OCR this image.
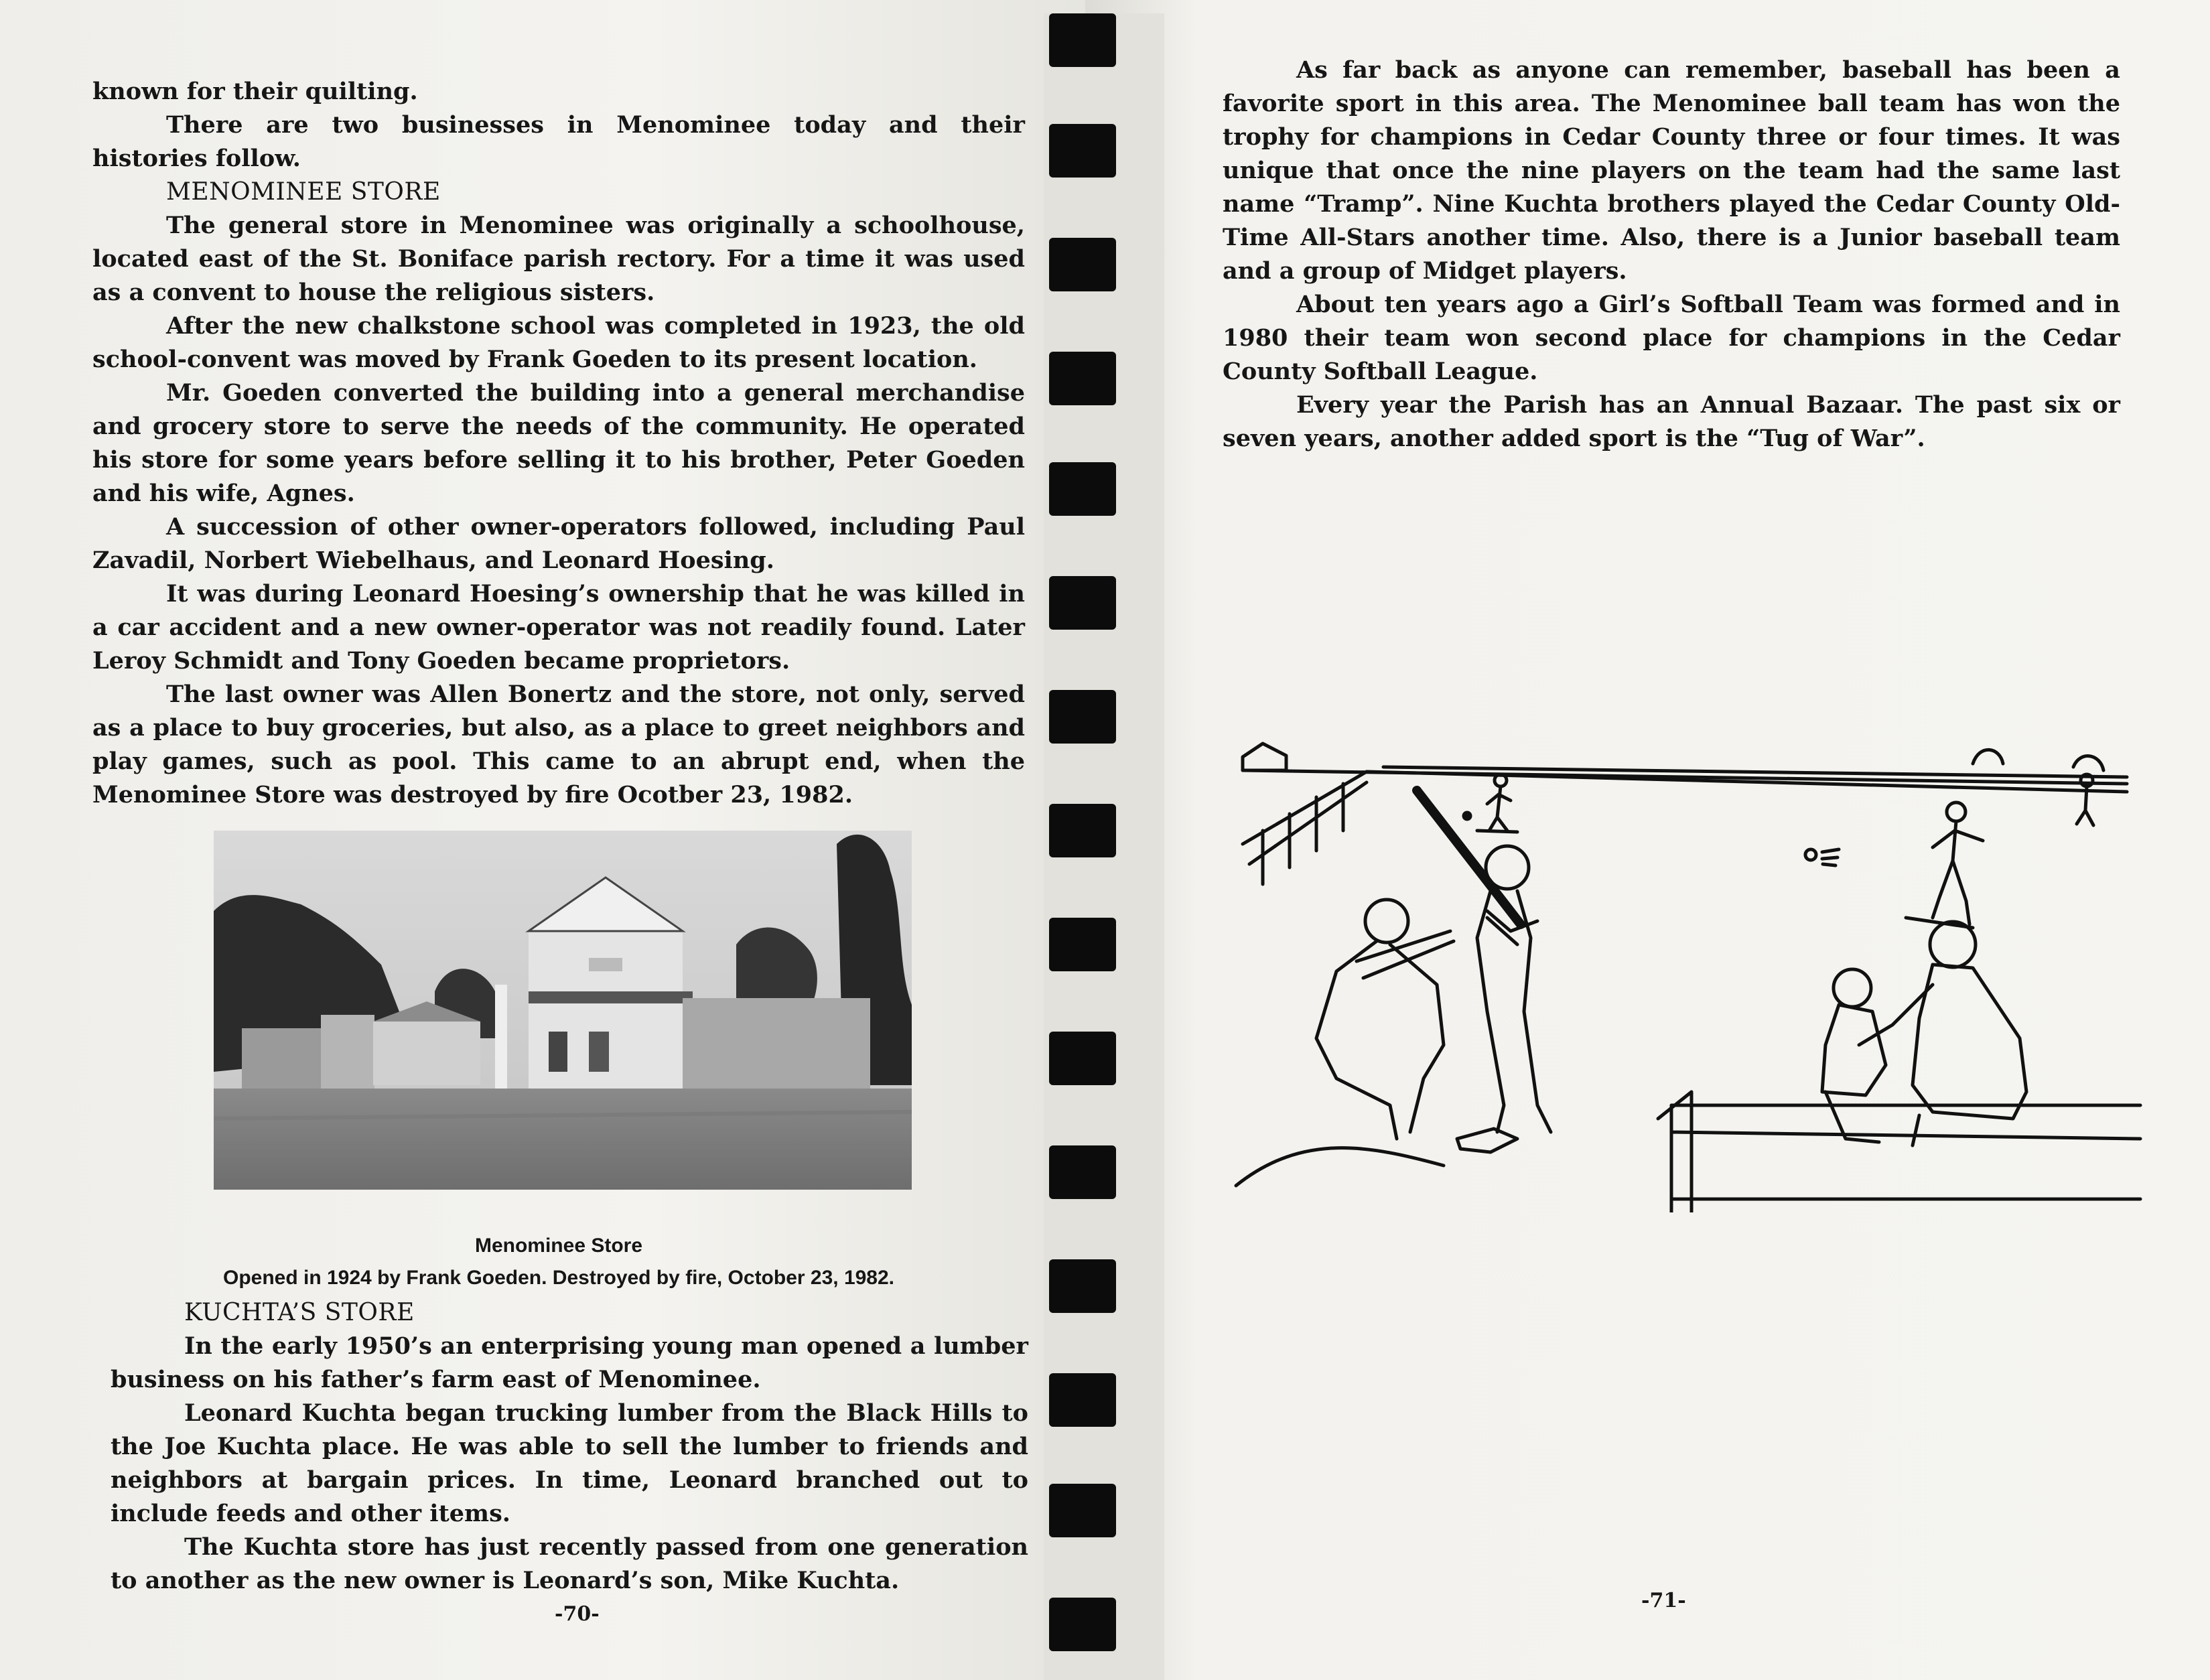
known for their quilting.

There are two businesses in Menominee today and their histories follow.

MENOMINEE STORE

The general store in Menominee was originally a schoolhouse, located east of the St. Boniface parish rectory. For a time it was used as a convent to house the religious sisters.

After the new chalkstone school was completed in 1923, the old school-convent was moved by Frank Goeden to its present location.

Mr. Goeden converted the building into a general merchandise and grocery store to serve the needs of the community. He operated his store for some years before selling it to his brother, Peter Goeden and his wife, Agnes.

A succession of other owner-operators followed, including Paul Zavadil, Norbert Wiebelhaus, and Leonard Hoesing.

It was during Leonard Hoesing’s ownership that he was killed in a car accident and a new owner-operator was not readily found. Later Leroy Schmidt and Tony Goeden became proprietors.

The last owner was Allen Bonertz and the store, not only, served as a place to buy groceries, but also, as a place to greet neighbors and play games, such as pool. This came to an abrupt end, when the Menominee Store was destroyed by fire Ocotber 23, 1982.

Menominee Store
Opened in 1924 by Frank Goeden. Destroyed by fire, October 23, 1982.
KUCHTA’S STORE

In the early 1950’s an enterprising young man opened a lumber business on his father’s farm east of Menominee.

Leonard Kuchta began trucking lumber from the Black Hills to the Joe Kuchta place. He was able to sell the lumber to friends and neighbors at bargain prices. In time, Leonard branched out to include feeds and other items.

The Kuchta store has just recently passed from one generation to another as the new owner is Leonard’s son, Mike Kuchta.

-70-

As far back as anyone can remember, baseball has been a favorite sport in this area. The Menominee ball team has won the trophy for champions in Cedar County three or four times. It was unique that once the nine players on the team had the same last name “Tramp”. Nine Kuchta brothers played the Cedar County Old-Time All-Stars another time. Also, there is a Junior baseball team and a group of Midget players.

About ten years ago a Girl’s Softball Team was formed and in 1980 their team won second place for champions in the Cedar County Softball League.

Every year the Parish has an Annual Bazaar. The past six or seven years, another added sport is the “Tug of War”.

-71-
